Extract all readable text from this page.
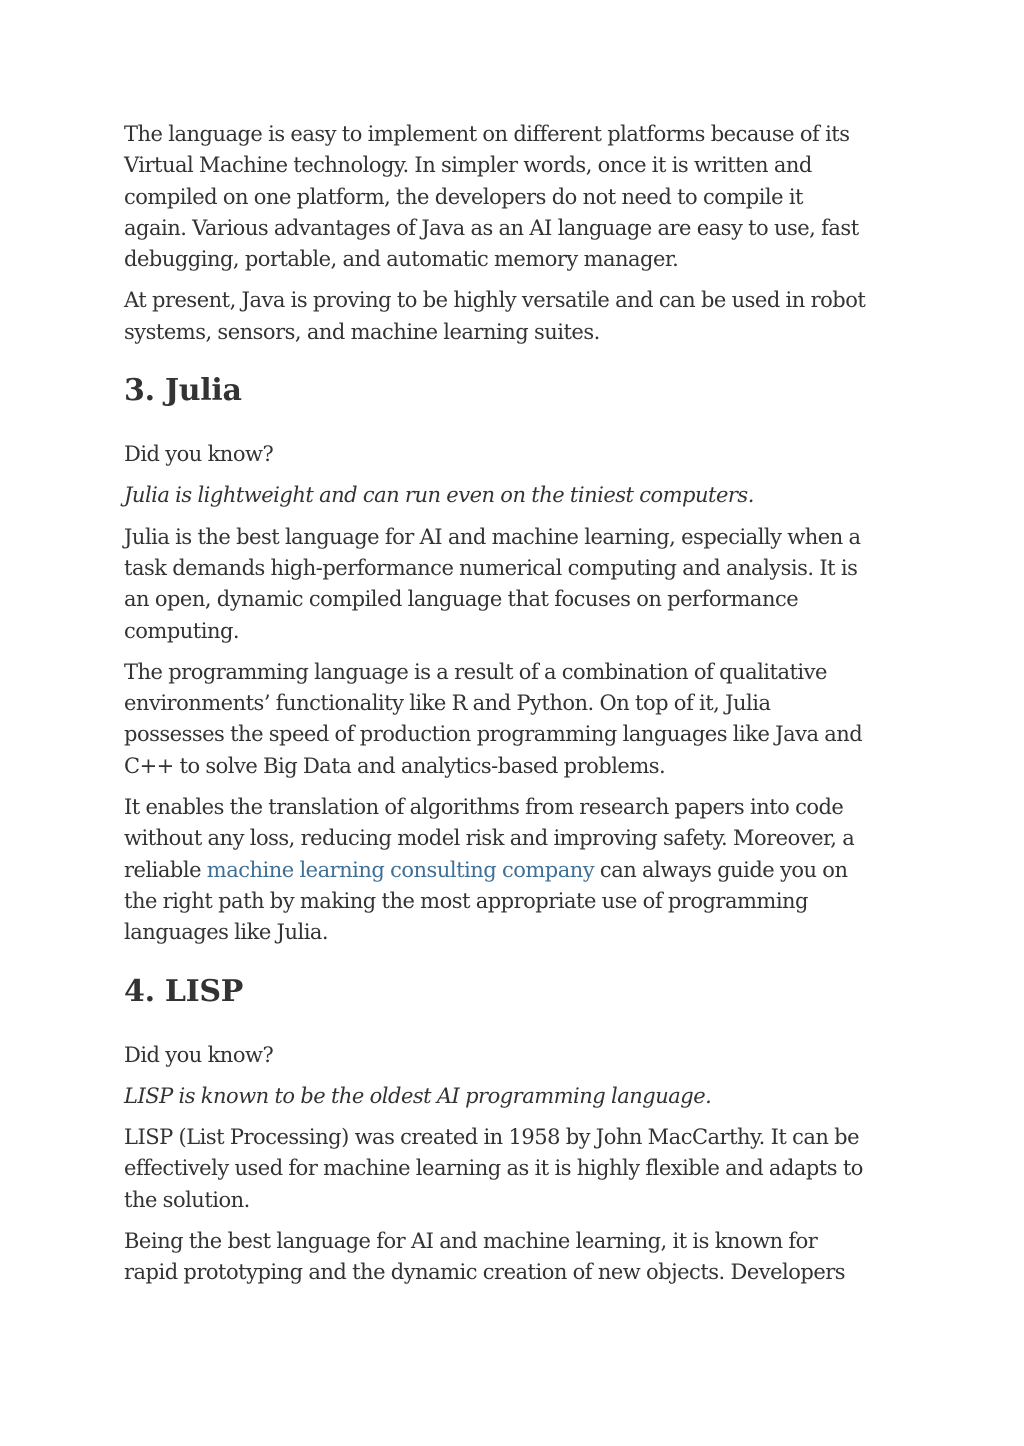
The language is easy to implement on different platforms because of its
Virtual Machine technology. In simpler words, once it is written and
compiled on one platform, the developers do not need to compile it
again. Various advantages of Java as an AI language are easy to use, fast
debugging, portable, and automatic memory manager.

At present, Java is proving to be highly versatile and can be used in robot
systems, sensors, and machine learning suites.

3. Julia

Did you know?

Julia is lightweight and can run even on the tiniest computers.

Julia is the best language for AI and machine learning, especially when a
task demands high-performance numerical computing and analysis. It is
an open, dynamic compiled language that focuses on performance
computing.

The programming language is a result of a combination of qualitative
environments’ functionality like R and Python. On top of it, Julia
possesses the speed of production programming languages like Java and
C++ to solve Big Data and analytics-based problems.

It enables the translation of algorithms from research papers into code
without any loss, reducing model risk and improving safety. Moreover, a
reliable machine learning consulting company can always guide you on
the right path by making the most appropriate use of programming
languages like Julia.

4. LISP

Did you know?

LISP is known to be the oldest AI programming language.

LISP (List Processing) was created in 1958 by John MacCarthy. It can be
effectively used for machine learning as it is highly flexible and adapts to
the solution.

Being the best language for AI and machine learning, it is known for
rapid prototyping and the dynamic creation of new objects. Developers
